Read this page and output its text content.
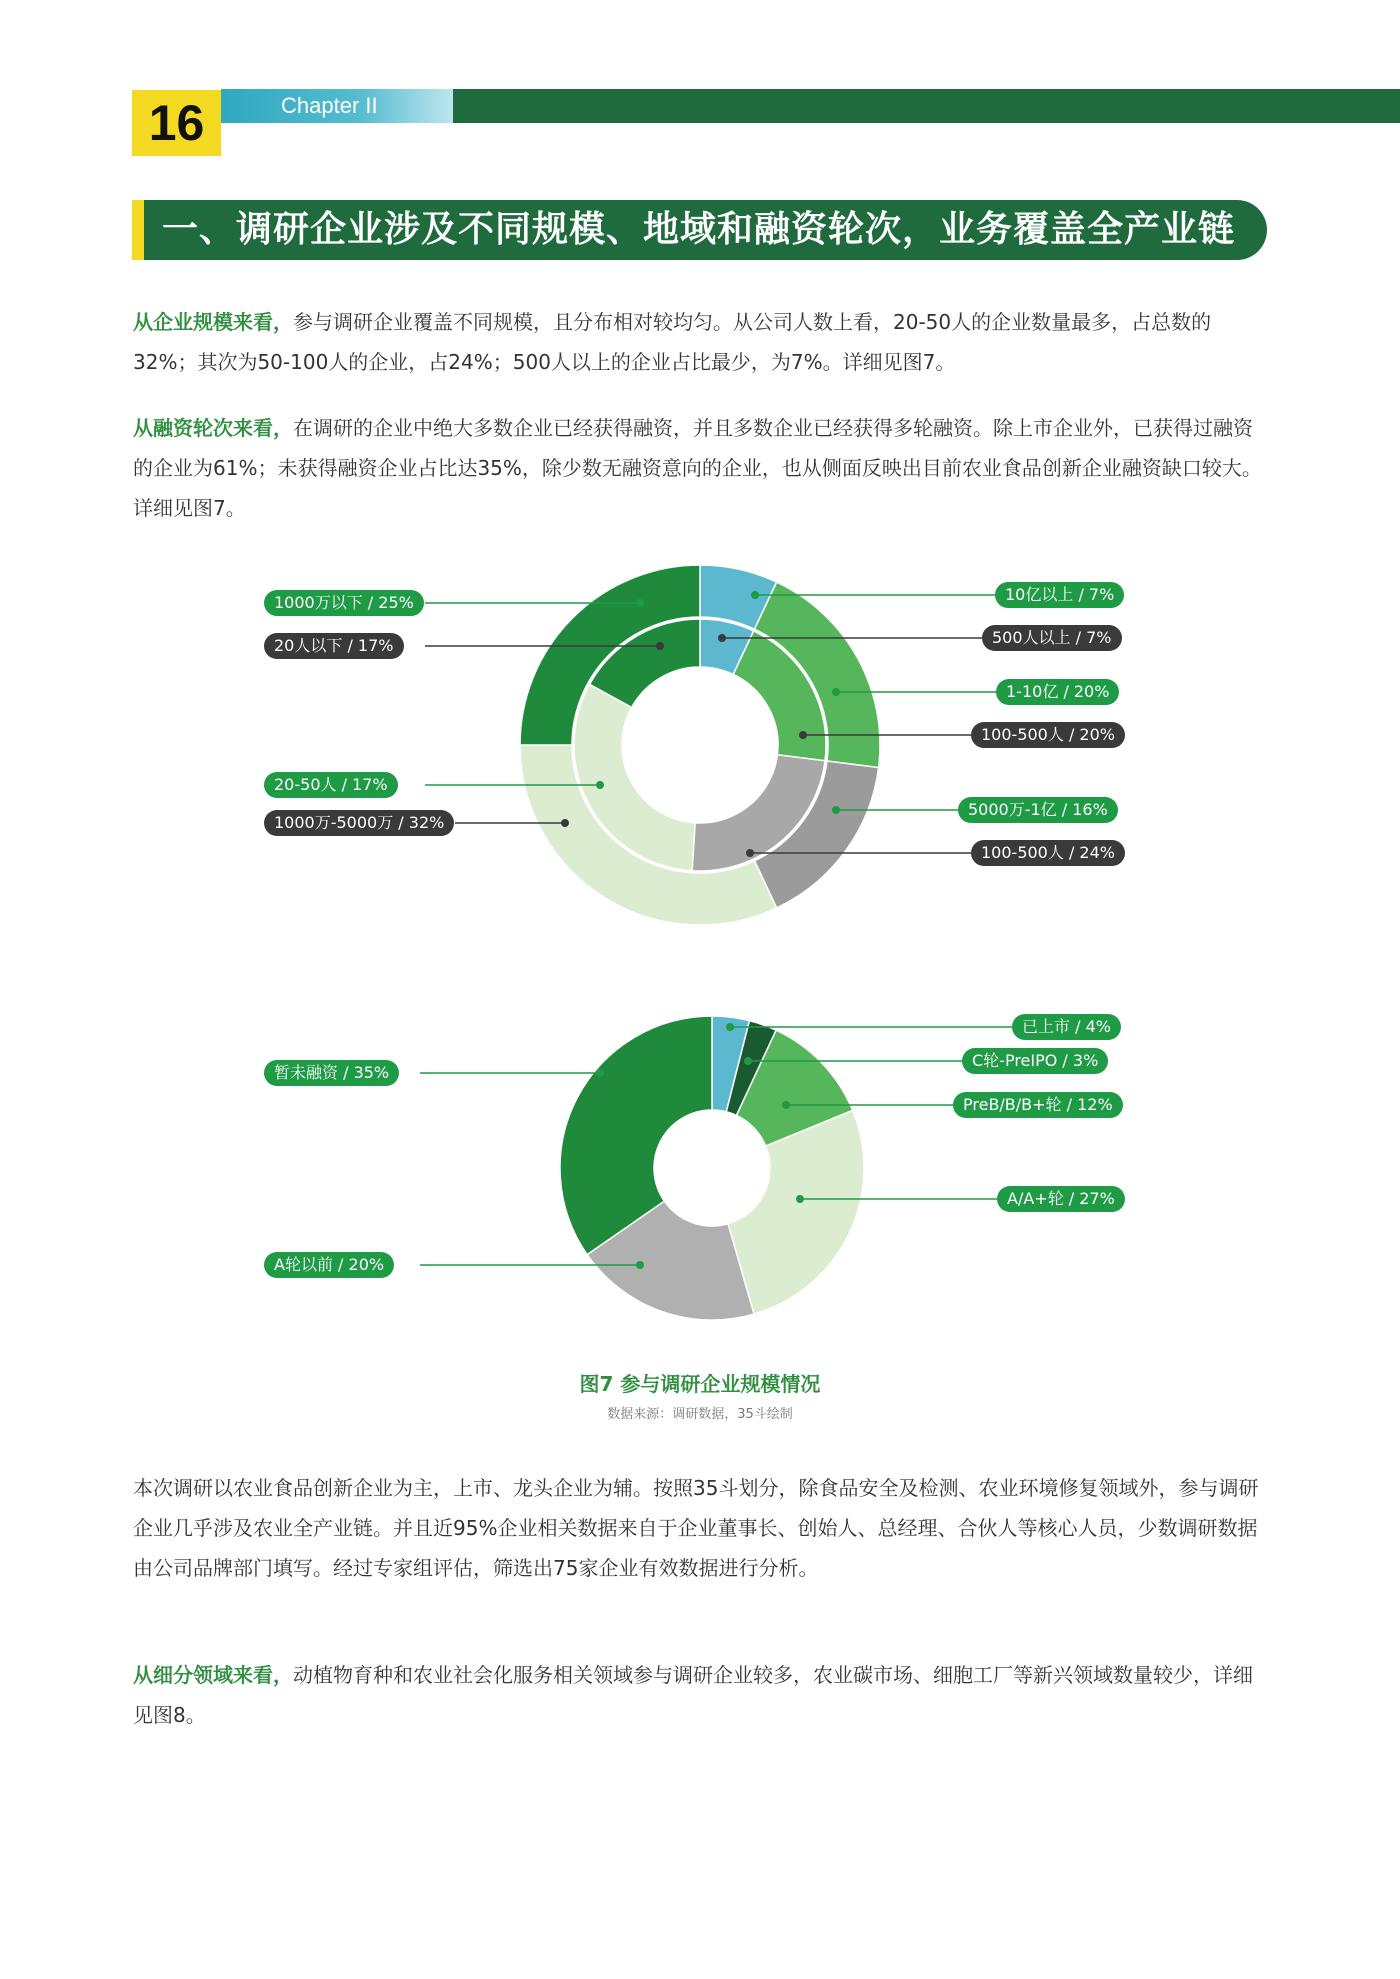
16	Chapter II
一、调研企业涉及不同规模、地域和融资轮次，业务覆盖全产业链

从企业规模来看，参与调研企业覆盖不同规模，且分布相对较均匀。从公司人数上看，20-50人的企业数量最多，占总数的32%；其次为50-100人的企业，占24%；500人以上的企业占比最少，为7%。详细见图7。

从融资轮次来看，在调研的企业中绝大多数企业已经获得融资，并且多数企业已经获得多轮融资。除上市企业外，已获得过融资的企业为61%；未获得融资企业占比达35%，除少数无融资意向的企业，也从侧面反映出目前农业食品创新企业融资缺口较大。详细见图7。

1000万以下 / 25%
20人以下 / 17%
20-50人 / 17%
1000万-5000万 / 32%
10亿以上 / 7%
500人以上 / 7%
1-10亿 / 20%
100-500人 / 20%
5000万-1亿 / 16%
100-500人 / 24%
已上市 / 4%
C轮-PreIPO / 3%
PreB/B/B+轮 / 12%
A/A+轮 / 27%
A轮以前 / 20%
暂未融资 / 35%
图7 参与调研企业规模情况
数据来源：调研数据，35斗绘制

本次调研以农业食品创新企业为主，上市、龙头企业为辅。按照35斗划分，除食品安全及检测、农业环境修复领域外，参与调研企业几乎涉及农业全产业链。并且近95%企业相关数据来自于企业董事长、创始人、总经理、合伙人等核心人员，少数调研数据由公司品牌部门填写。经过专家组评估，筛选出75家企业有效数据进行分析。

从细分领域来看，动植物育种和农业社会化服务相关领域参与调研企业较多，农业碳市场、细胞工厂等新兴领域数量较少，详细见图8。
